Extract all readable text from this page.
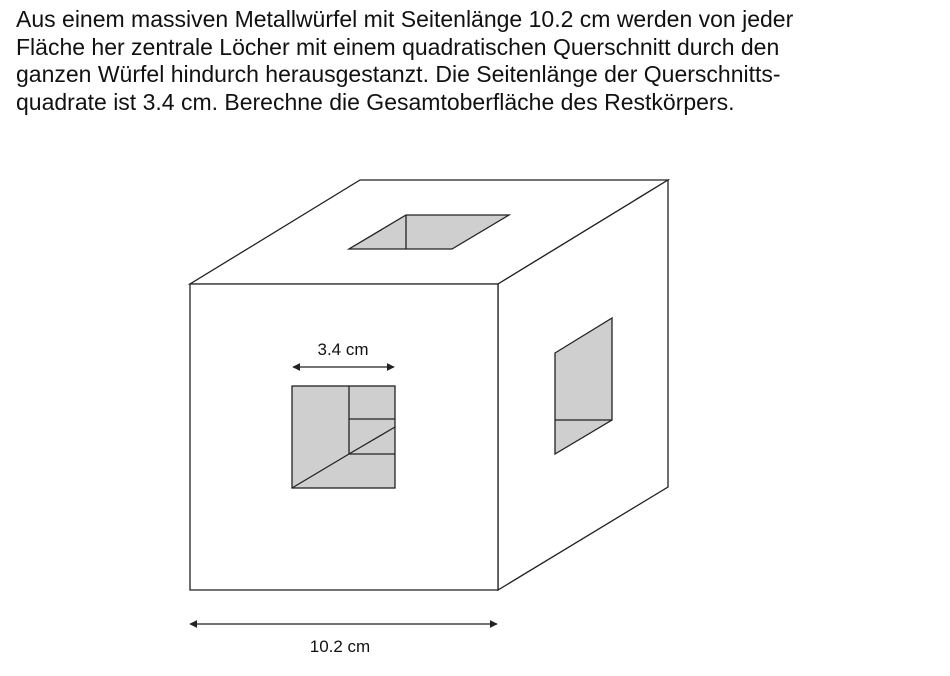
Aus einem massiven Metallwürfel mit Seitenlänge 10.2 cm werden von jeder
Fläche her zentrale Löcher mit einem quadratischen Querschnitt durch den
ganzen Würfel hindurch herausgestanzt. Die Seitenlänge der Querschnitts-
quadrate ist 3.4 cm. Berechne die Gesamtoberfläche des Restkörpers.
3.4 cm
10.2 cm
